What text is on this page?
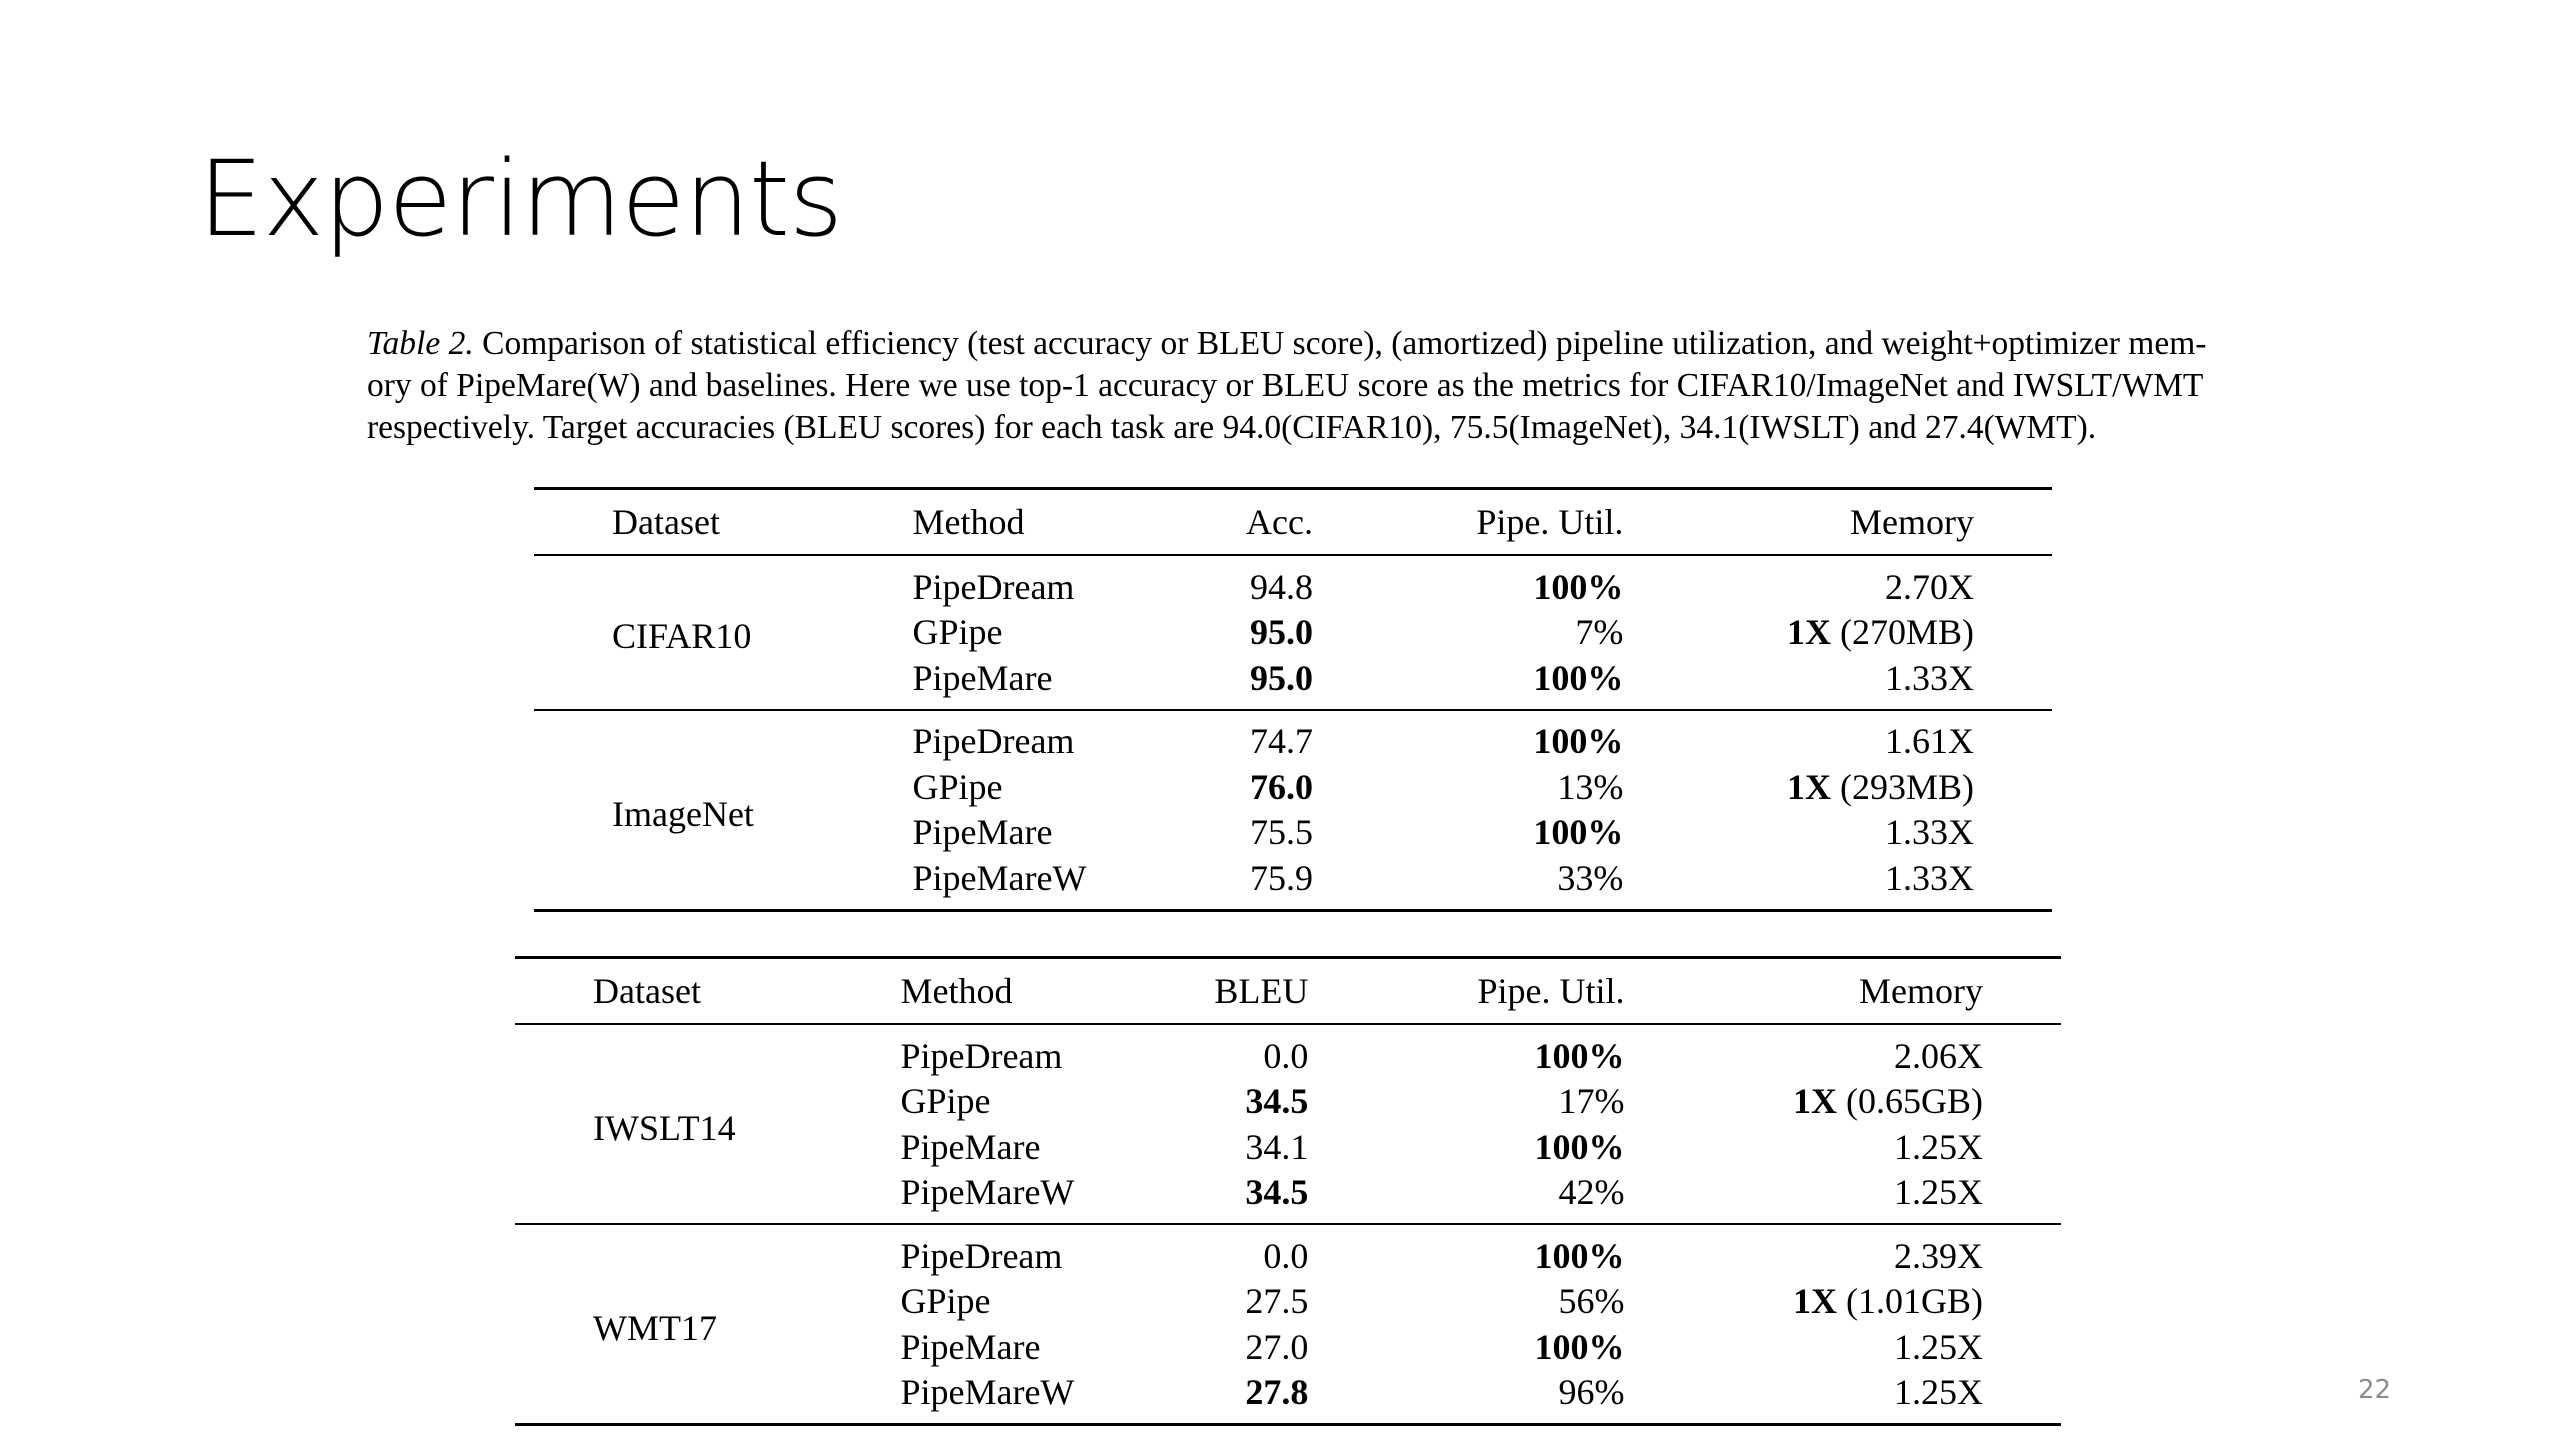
Experiments

Table 2. Comparison of statistical efficiency (test accuracy or BLEU score), (amortized) pipeline utilization, and weight+optimizer mem-
ory of PipeMare(W) and baselines. Here we use top-1 accuracy or BLEU score as the metrics for CIFAR10/ImageNet and IWSLT/WMT
respectively. Target accuracies (BLEU scores) for each task are 94.0(CIFAR10), 75.5(ImageNet), 34.1(IWSLT) and 27.4(WMT).

Dataset	Method	Acc.	Pipe. Util.	Memory
CIFAR10	PipeDream	94.8	100%	2.70X
	GPipe	95.0	7%	1X (270MB)
	PipeMare	95.0	100%	1.33X
ImageNet	PipeDream	74.7	100%	1.61X
	GPipe	76.0	13%	1X (293MB)
	PipeMare	75.5	100%	1.33X
	PipeMareW	75.9	33%	1.33X
Dataset	Method	BLEU	Pipe. Util.	Memory
IWSLT14	PipeDream	0.0	100%	2.06X
	GPipe	34.5	17%	1X (0.65GB)
	PipeMare	34.1	100%	1.25X
	PipeMareW	34.5	42%	1.25X
WMT17	PipeDream	0.0	100%	2.39X
	GPipe	27.5	56%	1X (1.01GB)
	PipeMare	27.0	100%	1.25X
	PipeMareW	27.8	96%	1.25X	22
